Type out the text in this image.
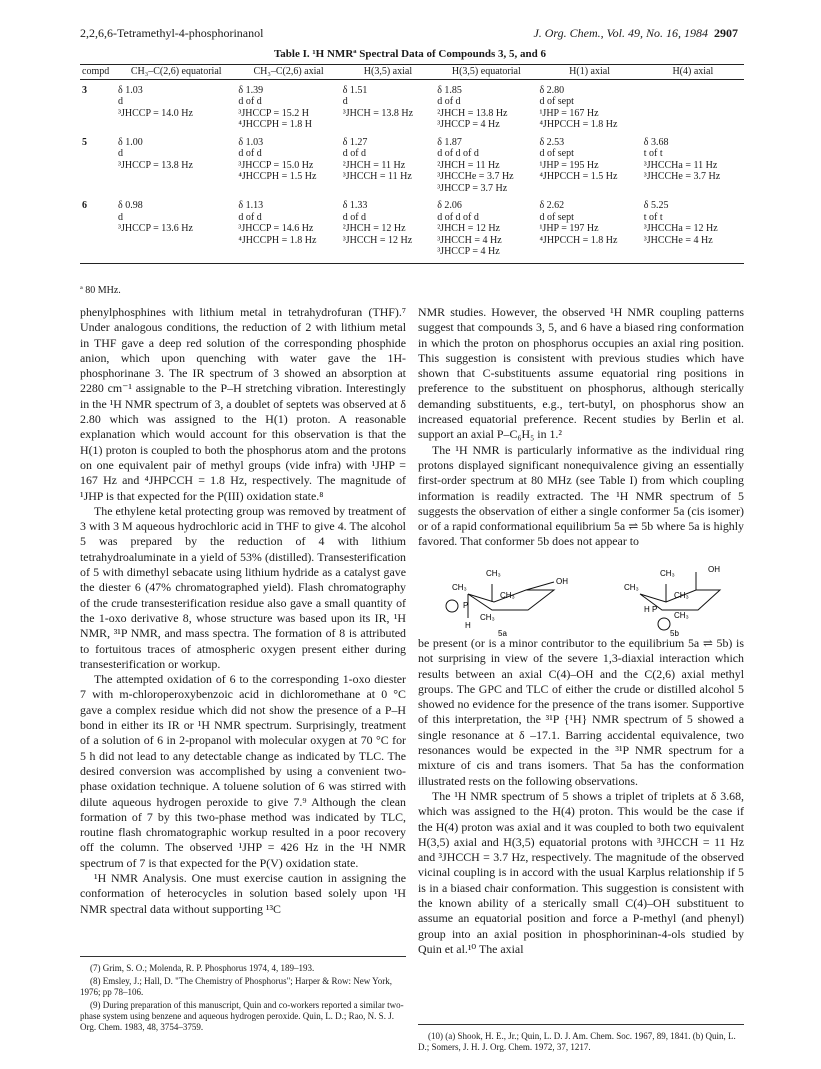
2,2,6,6-Tetramethyl-4-phosphorinanol	J. Org. Chem., Vol. 49, No. 16, 1984 2907
Table I. ¹H NMRª Spectral Data of Compounds 3, 5, and 6

compd	CH₃–C(2,6) equatorial	CH₃–C(2,6) axial	H(3,5) axial	H(3,5) equatorial	H(1) axial	H(4) axial
3	δ 1.03
d
³JHCCP = 14.0 Hz	δ 1.39
d of d
³JHCCP = 15.2 H
⁴JHCCPH = 1.8 H	δ 1.51
d
³JHCH = 13.8 Hz	δ 1.85
d of d
²JHCH = 13.8 Hz
³JHCCP = 4 Hz	δ 2.80
d of sept
¹JHP = 167 Hz
⁴JHPCCH = 1.8 Hz	
5	δ 1.00
d
³JHCCP = 13.8 Hz	δ 1.03
d of d
³JHCCP = 15.0 Hz
⁴JHCCPH = 1.5 Hz	δ 1.27
d of d
²JHCH = 11 Hz
³JHCCH = 11 Hz	δ 1.87
d of d of d
²JHCH = 11 Hz
³JHCCHe = 3.7 Hz
³JHCCP = 3.7 Hz	δ 2.53
d of sept
¹JHP = 195 Hz
⁴JHPCCH = 1.5 Hz	δ 3.68
t of t
³JHCCHa = 11 Hz
³JHCCHe = 3.7 Hz
6	δ 0.98
d
³JHCCP = 13.6 Hz	δ 1.13
d of d
³JHCCP = 14.6 Hz
⁴JHCCPH = 1.8 Hz	δ 1.33
d of d
²JHCH = 12 Hz
³JHCCH = 12 Hz	δ 2.06
d of d of d
²JHCH = 12 Hz
³JHCCH = 4 Hz
³JHCCP = 4 Hz	δ 2.62
d of sept
¹JHP = 197 Hz
⁴JHPCCH = 1.8 Hz	δ 5.25
t of t
³JHCCHa = 12 Hz
³JHCCHe = 4 Hz
ª 80 MHz.

phenylphosphines with lithium metal in tetrahydrofuran (THF).⁷ Under analogous conditions, the reduction of 2 with lithium metal in THF gave a deep red solution of the corresponding phosphide anion, which upon quenching with water gave the 1H-phosphorinane 3. The IR spectrum of 3 showed an absorption at 2280 cm⁻¹ assignable to the P–H stretching vibration. Interestingly in the ¹H NMR spectrum of 3, a doublet of septets was observed at δ 2.80 which was assigned to the H(1) proton. A reasonable explanation which would account for this observation is that the H(1) proton is coupled to both the phosphorus atom and the protons on one equivalent pair of methyl groups (vide infra) with ¹JHP = 167 Hz and ⁴JHPCCH = 1.8 Hz, respectively. The magnitude of ¹JHP is that expected for the P(III) oxidation state.⁸

The ethylene ketal protecting group was removed by treatment of 3 with 3 M aqueous hydrochloric acid in THF to give 4. The alcohol 5 was prepared by the reduction of 4 with lithium tetrahydroaluminate in a yield of 53% (distilled). Transesterification of 5 with dimethyl sebacate using lithium hydride as a catalyst gave the diester 6 (47% chromatographed yield). Flash chromatography of the crude transesterification residue also gave a small quantity of the 1-oxo derivative 8, whose structure was based upon its IR, ¹H NMR, ³¹P NMR, and mass spectra. The formation of 8 is attributed to fortuitous traces of atmospheric oxygen present either during transesterification or workup.

The attempted oxidation of 6 to the corresponding 1-oxo diester 7 with m-chloroperoxybenzoic acid in dichloromethane at 0 °C gave a complex residue which did not show the presence of a P–H bond in either its IR or ¹H NMR spectrum. Surprisingly, treatment of a solution of 6 in 2-propanol with molecular oxygen at 70 °C for 5 h did not lead to any detectable change as indicated by TLC. The desired conversion was accomplished by using a convenient two-phase oxidation technique. A toluene solution of 6 was stirred with dilute aqueous hydrogen peroxide to give 7.⁹ Although the clean formation of 7 by this two-phase method was indicated by TLC, routine flash chromatographic workup resulted in a poor recovery off the column. The observed ¹JHP = 426 Hz in the ¹H NMR spectrum of 7 is that expected for the P(V) oxidation state.

¹H NMR Analysis. One must exercise caution in assigning the conformation of heterocycles in solution based solely upon ¹H NMR spectral data without supporting ¹³C

NMR studies. However, the observed ¹H NMR coupling patterns suggest that compounds 3, 5, and 6 have a biased ring conformation in which the proton on phosphorus occupies an axial ring position. This suggestion is consistent with previous studies which have shown that C-substituents assume equatorial ring positions in preference to the substituent on phosphorus, although sterically demanding substituents, e.g., tert-butyl, on phosphorus show an increased equatorial preference. Recent studies by Berlin et al. support an axial P–C₆H₅ in 1.²

The ¹H NMR is particularly informative as the individual ring protons displayed significant nonequivalence giving an essentially first-order spectrum at 80 MHz (see Table I) from which coupling information is readily extracted. The ¹H NMR spectrum of 5 suggests the observation of either a single conformer 5a (cis isomer) or of a rapid conformational equilibrium 5a ⇌ 5b where 5a is highly favored. That conformer 5b does not appear to

CH₃
CH₃
CH₃
CH₃
OH
P
H
5a
CH₃
CH₃
CH₃
CH₃
OH
H P
5b

be present (or is a minor contributor to the equilibrium 5a ⇌ 5b) is not surprising in view of the severe 1,3-diaxial interaction which results between an axial C(4)–OH and the C(2,6) axial methyl groups. The GPC and TLC of either the crude or distilled alcohol 5 showed no evidence for the presence of the trans isomer. Supportive of this interpretation, the ³¹P {¹H} NMR spectrum of 5 showed a single resonance at δ –17.1. Barring accidental equivalence, two resonances would be expected in the ³¹P NMR spectrum for a mixture of cis and trans isomers. That 5a has the conformation illustrated rests on the following observations.

The ¹H NMR spectrum of 5 shows a triplet of triplets at δ 3.68, which was assigned to the H(4) proton. This would be the case if the H(4) proton was axial and it was coupled to both two equivalent H(3,5) axial and H(3,5) equatorial protons with ³JHCCH = 11 Hz and ³JHCCH = 3.7 Hz, respectively. The magnitude of the observed vicinal coupling is in accord with the usual Karplus relationship if 5 is in a biased chair conformation. This suggestion is consistent with the known ability of a sterically small C(4)–OH substituent to assume an equatorial position and force a P-methyl (and phenyl) group into an axial position in phosphorininan-4-ols studied by Quin et al.¹⁰ The axial

(7) Grim, S. O.; Molenda, R. P. Phosphorus 1974, 4, 189–193.

(8) Emsley, J.; Hall, D. "The Chemistry of Phosphorus"; Harper & Row: New York, 1976; pp 78–106.

(9) During preparation of this manuscript, Quin and co-workers reported a similar two-phase system using benzene and aqueous hydrogen peroxide. Quin, L. D.; Rao, N. S. J. Org. Chem. 1983, 48, 3754–3759.

(10) (a) Shook, H. E., Jr.; Quin, L. D. J. Am. Chem. Soc. 1967, 89, 1841. (b) Quin, L. D.; Somers, J. H. J. Org. Chem. 1972, 37, 1217.
